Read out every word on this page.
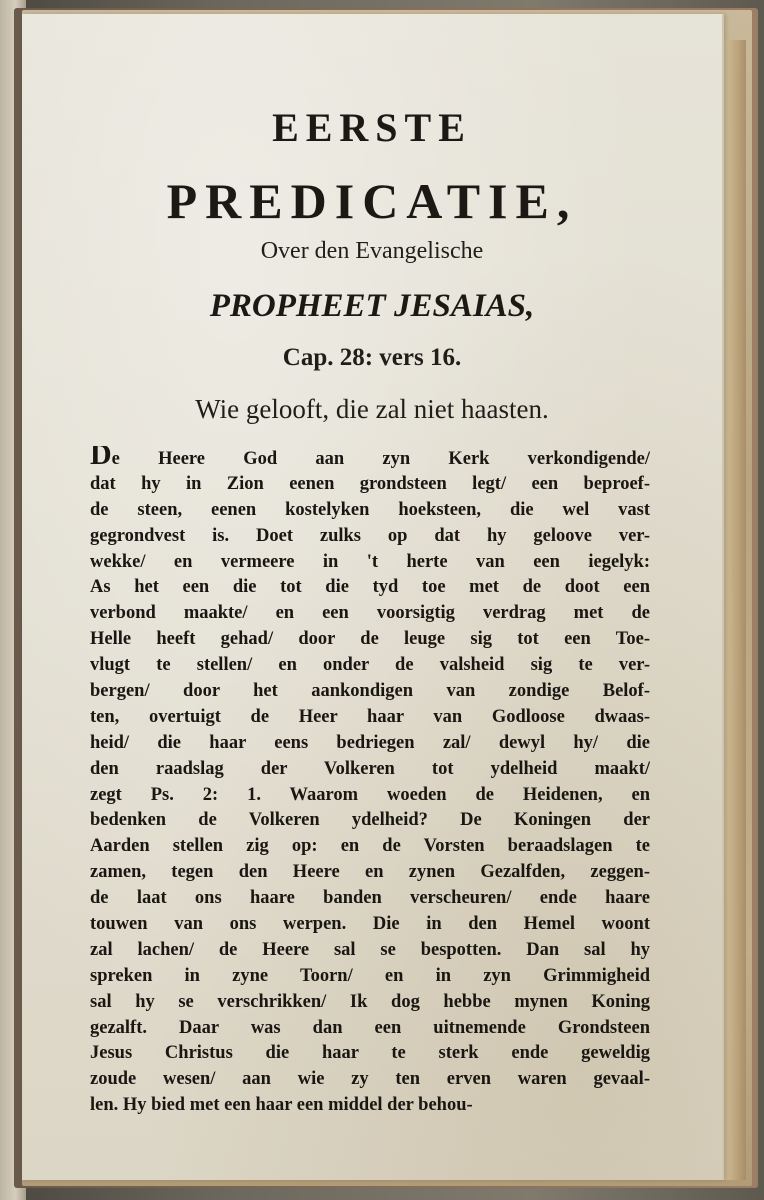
EERSTE
PREDICATIE,
Over den Evangelische
PROPHEET JESAIAS,
Cap. 28: vers 16.
Wie gelooft, die zal niet haasten.
De Heere God aan zyn Kerk verkondigende/
dat hy in Zion eenen grondsteen legt/ een beproef-
de steen, eenen kostelyken hoeksteen, die wel vast
gegrondvest is. Doet zulks op dat hy geloove ver-
wekke/ en vermeere in 't herte van een iegelyk:
As het een die tot die tyd toe met de doot een
verbond maakte/ en een voorsigtig verdrag met de
Helle heeft gehad/ door de leuge sig tot een Toe-
vlugt te stellen/ en onder de valsheid sig te ver-
bergen/ door het aankondigen van zondige Belof-
ten, overtuigt de Heer haar van Godloose dwaas-
heid/ die haar eens bedriegen zal/ dewyl hy/ die
den raadslag der Volkeren tot ydelheid maakt/
zegt Ps. 2: 1. Waarom woeden de Heidenen, en
bedenken de Volkeren ydelheid? De Koningen der
Aarden stellen zig op: en de Vorsten beraadslagen te
zamen, tegen den Heere en zynen Gezalfden, zeggen-
de laat ons haare banden verscheuren/ ende haare
touwen van ons werpen. Die in den Hemel woont
zal lachen/ de Heere sal se bespotten. Dan sal hy
spreken in zyne Toorn/ en in zyn Grimmigheid
sal hy se verschrikken/ Ik dog hebbe mynen Koning
gezalft. Daar was dan een uitnemende Grondsteen
Jesus Christus die haar te sterk ende geweldig
zoude wesen/ aan wie zy ten erven waren gevaal-
len. Hy bied met een haar een middel der behou-
